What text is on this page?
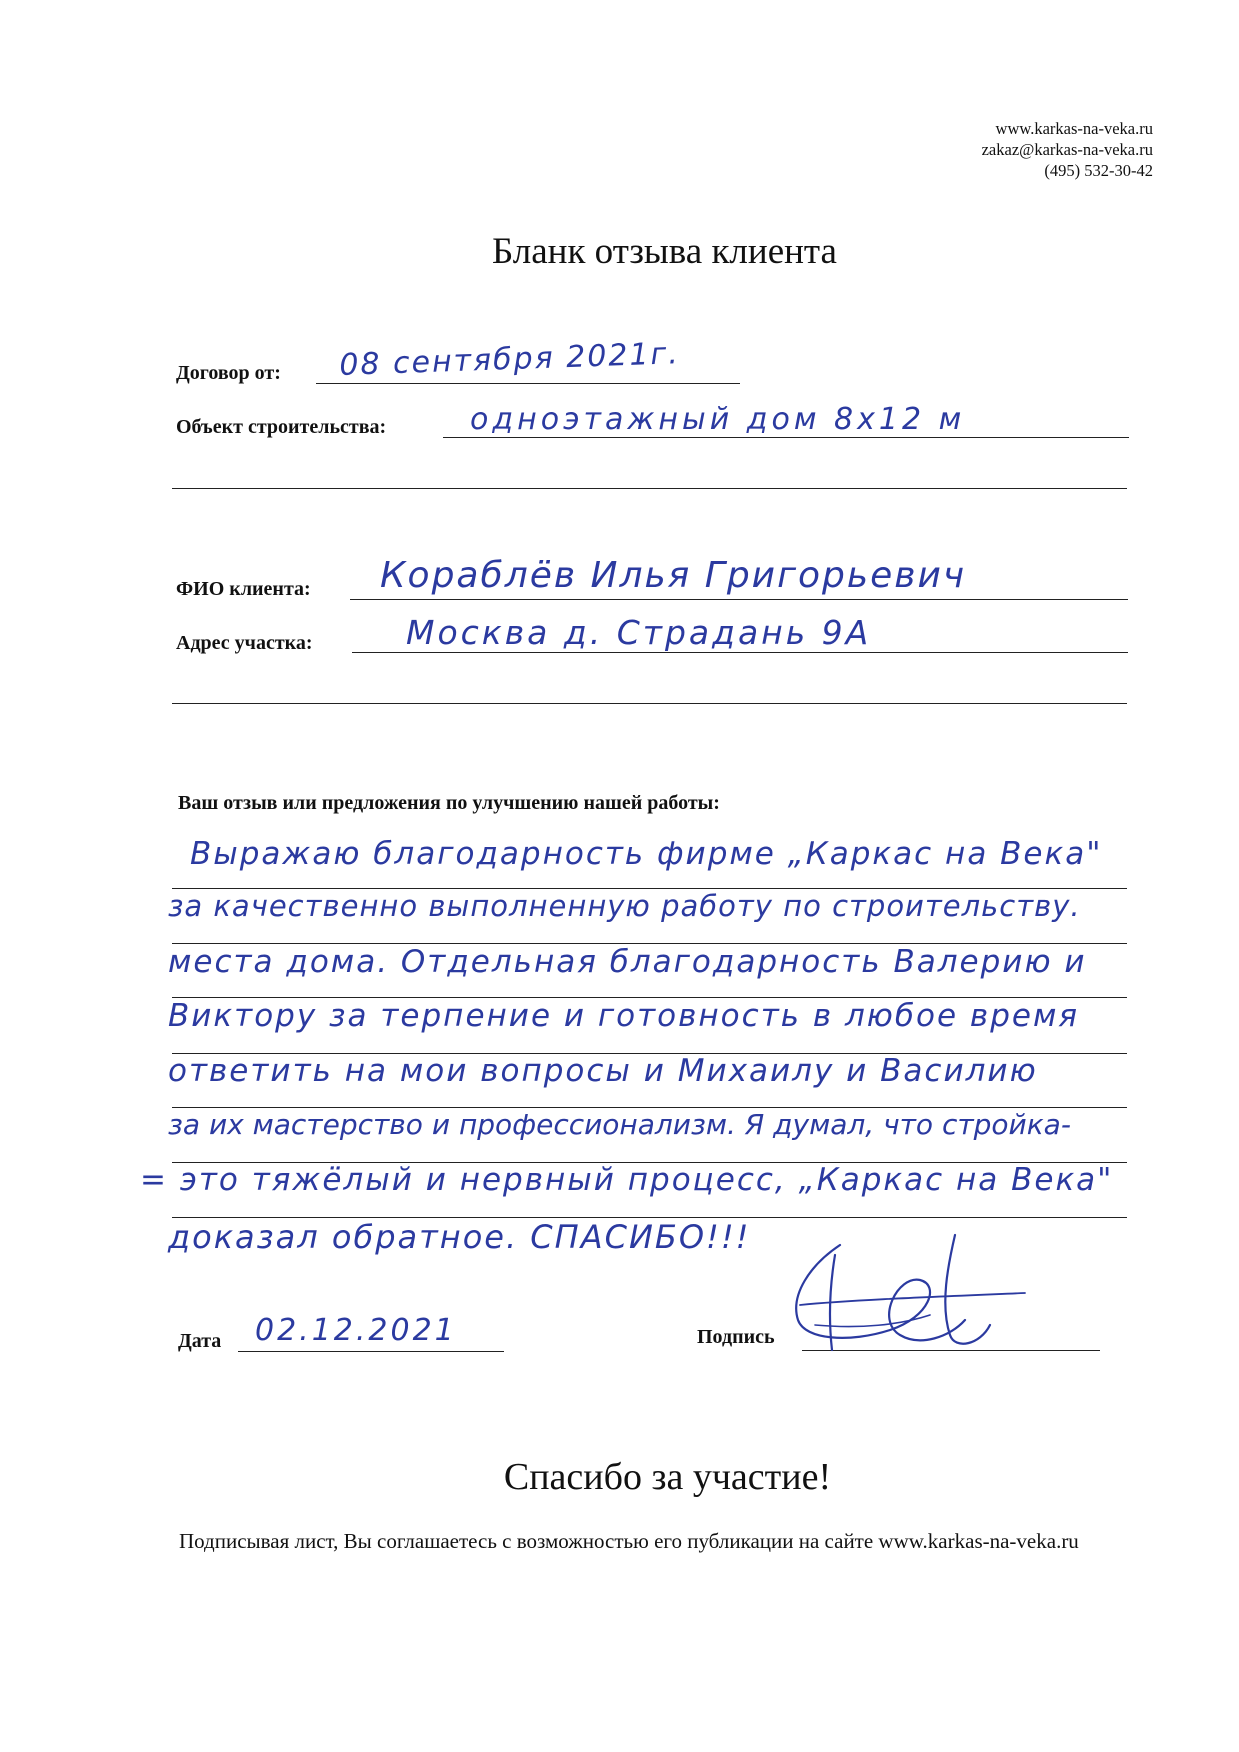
www.karkas-na-veka.ru
zakaz@karkas-na-veka.ru
(495) 532-30-42
Бланк отзыва клиента
Договор от: 08 сентября 2021г.
Объект строительства:	одноэтажный дом 8х12 м
ФИО клиента: Кораблёв Илья Григорьевич
Адрес участка:	Москва д. Страдань 9А
Ваш отзыв или предложения по улучшению нашей работы:
Выражаю благодарность фирме „Каркас на Века"
за качественно выполненную работу по строительству.
места дома. Отдельная благодарность Валерию и
Виктору за терпение и готовность в любое время
ответить на мои вопросы и Михаилу и Василию
за их мастерство и профессионализм. Я думал, что стройка-
= это тяжёлый и нервный процесс, „Каркас на Века"
доказал обратное. СПАСИБО!!!
Дата 02.12.2021	Подпись
Спасибо за участие!
Подписывая лист, Вы соглашаетесь с возможностью его публикации на сайте www.karkas-na-veka.ru
